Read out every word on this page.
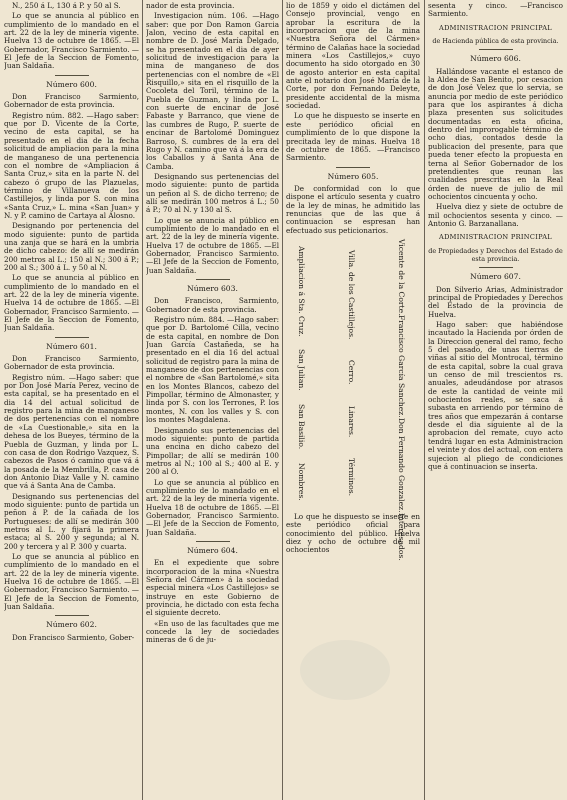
N., 250 á L, 130 á P. y 50 al S.

Lo que se anuncia al público en cumplimiento de lo mandado en el art. 22 de la ley de minería vigente. Huelva 13 de octubre de 1865. —El Gobernador, Francisco Sarmiento. —El Jefe de la Seccion de Fomento, Juan Saldaña.

Número 600.

Don Francisco Sarmiento, Gobernador de esta provincia.

Registro núm. 882. —Hago saber: que por D. Vicente de la Corte, vecino de esta capital, se ha presentado en el dia de la fecha solicitud de ampliacion para la mina de manganeso de una pertenencia con el nombre de «Ampliacion á Santa Cruz,» sita en la parte N. del cabezo ó grupo de las Plazuelas, término de Villanueva de los Castillejos, y linda por S. con mina «Santa Cruz,» L. mina «San Juan» y N. y P. camino de Cartaya al Alosno.

Designando por pertenencia del modo siguiente: punto de partida una zanja que se hará en la umbria de dicho cabezo: de allí se medirán 200 metros al L.; 150 al N.; 300 á P.; 200 al S.; 300 á L. y 50 al N.

Lo que se anuncia al público en cumplimiento de lo mandado en el art. 22 de la ley de minería vigente. Huelva 14 de octubre de 1865. —El Gobernador, Francisco Sarmiento. —El Jefe de la Seccion de Fomento, Juan Saldaña.

Número 601.

Don Francisco Sarmiento, Gobernador de esta provincia.

Registro núm. —Hago saber: que por Don José María Perez, vecino de esta capital, se ha presentado en el dia 14 del actual solicitud de registro para la mina de manganeso de dos pertenencias con el nombre de «La Cuestionable,» sita en la dehesa de los Bueyes, término de la Puebla de Guzman, y linda por L. con casa de don Rodrigo Vazquez, S. cabezos de Pasos ó camino que vá á la posada de la Membrilla, P. casa de don Antonio Diaz Valle y N. camino que vá á Santa Ana de Camba.

Designando sus pertenencias del modo siguiente: punto de partida un peñon á P. de la cañada de los Portugueses: de allí se medirán 300 metros al L. y fijará la primera estaca; al S. 200 y segunda; al N. 200 y tercera y al P. 300 y cuarta.

Lo que se anuncia al público en cumplimiento de lo mandado en el art. 22 de la ley de minería vigente. Huelva 16 de octubre de 1865. —El Gobernador, Francisco Sarmiento. —El Jefe de la Seccion de Fomento, Juan Saldaña.

Número 602.

Don Francisco Sarmiento, Gober-

nador de esta provincia.

Investigacion núm. 106. —Hago saber: que por Don Ramon Garcia Jalon, vecino de esta capital en nombre de D. José María Delgado, se ha presentado en el dia de ayer solicitud de investigacion para la mina de manganeso de dos pertenencias con el nombre de «El Risquillo,» sita en el risquillo de la Cocoleta del Toril, término de la Puebla de Guzman, y linda por L. con suerte de encinar de José Fabaste y Barranco, que viene de las cumbres de Rugo, P. suerte de encinar de Bartolomé Dominguez Barroso, S. cumbres de la era del Rugo y N. camino que vá á la era de los Caballos y á Santa Ana de Camba.

Designando sus pertenencias del modo siguiente: punto de partida un peñon al S. de dicho terreno; de allí se medirán 100 metros á L.; 50 á P.; 70 al N. y 130 al S.

Lo que se anuncia al público en cumplimiento de lo mandado en el art. 22 de la ley de minería vigente. Huelva 17 de octubre de 1865. —El Gobernador, Francisco Sarmiento. —El Jefe de la Seccion de Fomento, Juan Saldaña.

Número 603.

Don Francisco, Sarmiento, Gobernador de esta provincia.

Registro núm. 884. —Hago saber: que por D. Bartolomé Cilla, vecino de esta capital, en nombre de Don Juan García Castañeda, se ha presentado en el dia 16 del actual solicitud de registro para la mina de manganeso de dos pertenencias con el nombre de «San Bartolomé,» sita en los Montes Blancos, cabezo del Pimpollar, término de Almonaster, y linda por S. con los Terrones, P. los montes, N. con los valles y S. con los montes Magdalena.

Designando sus pertenencias del modo siguiente: punto de partida una encina en dicho cabezo del Pimpollar; de allí se medirán 100 metros al N.; 100 al S.; 400 al E. y 200 al O.

Lo que se anuncia al público en cumplimiento de lo mandado en el art. 22 de la ley de minería vigente. Huelva 18 de octubre de 1865. —El Gobernador, Francisco Sarmiento. —El Jefe de la Seccion de Fomento, Juan Saldaña.

Número 604.

En el expediente que sobre incorporacion de la mina «Nuestra Señora del Cármen» á la sociedad especial minera «Los Castillejos» se instruye en este Gobierno de provincia, he dictado con esta fecha el siguiente decreto.

«En uso de las facultades que me concede la ley de sociedades mineras de 6 de ju-

lio de 1859 y oido el dictámen del Consejo provincial, vengo en aprobar la escritura de la incorporacion que de la mina «Nuestra Señora del Cármen» término de Calañas hace la sociedad minera «Los Castillejos,» cuyo documento ha sido otorgado en 30 de agosto anterior en esta capital ante el notario don José María de la Corte, por don Fernando Deleyte, presidente accidental de la misma sociedad.

Lo que he dispuesto se inserte en este periódico oficial en cumplimiento de lo que dispone la precitada ley de minas. Huelva 18 de octubre de 1865. —Francisco Sarmiento.

Número 605.

De conformidad con lo que dispone el artículo sesenta y cuatro de la ley de minas, he admitido las renuncias que de las que á continuacion se espresan han efectuado sus peticionarios.

Ampliacion á Sta. Cruz.
San Julian.
San Basilio.
Nombres.
Villa. de los Castillejos.
Cerro.
Linares.
Términos.
Vicente de la Corte.
Francisco García Sanchez.
Don Fernando Gonzalez.
Interesados.

Lo que he dispuesto se inserte en este periódico oficial para conocimiento del público. Huelva diez y ocho de octubre de mil ochocientos

sesenta y cinco. —Francisco Sarmiento.

ADMINISTRACION PRINCIPAL

de Hacienda pública de esta provincia.

Número 606.

Hallándose vacante el estanco de la Aldea de San Benito, por cesacion de don José Velez que lo servia, se anuncia por medio de este periódico para que los aspirantes á dicha plaza presenten sus solicitudes documentadas en esta oficina, dentro del improrogable término de ocho dias, contados desde la publicacion del presente, para que pueda tener efecto la propuesta en terna al Señor Gobernador de los pretendientes que reunan las cualidades prescritas en la Real órden de nueve de julio de mil ochocientos cincuenta y ocho.

Huelva diez y siete de octubre de mil ochocientos sesenta y cinco. —Antonio G. Barzanallana.

ADMINISTRACION PRINCIPAL

de Propiedades y Derechos del Estado de esta provincia.

Número 607.

Don Silverio Arias, Administrador principal de Propiedades y Derechos del Estado de la provincia de Huelva.

Hago saber: que habiéndose incautado la Hacienda por órden de la Direccion general del ramo, fecho 5 del pasado, de unas tierras de viñas al sitio del Montrocal, término de esta capital, sobre la cual grava un censo de mil trescientos rs. anuales, adeudándose por atrasos de este la cantidad de veinte mil ochocientos reales, se saca á subasta en arriendo por término de tres años que empezarán á contarse desde el dia siguiente al de la aprobacion del remate, cuyo acto tendrá lugar en esta Administracion el veinte y dos del actual, con entera sujecion al pliego de condiciones que á continuacion se inserta.
